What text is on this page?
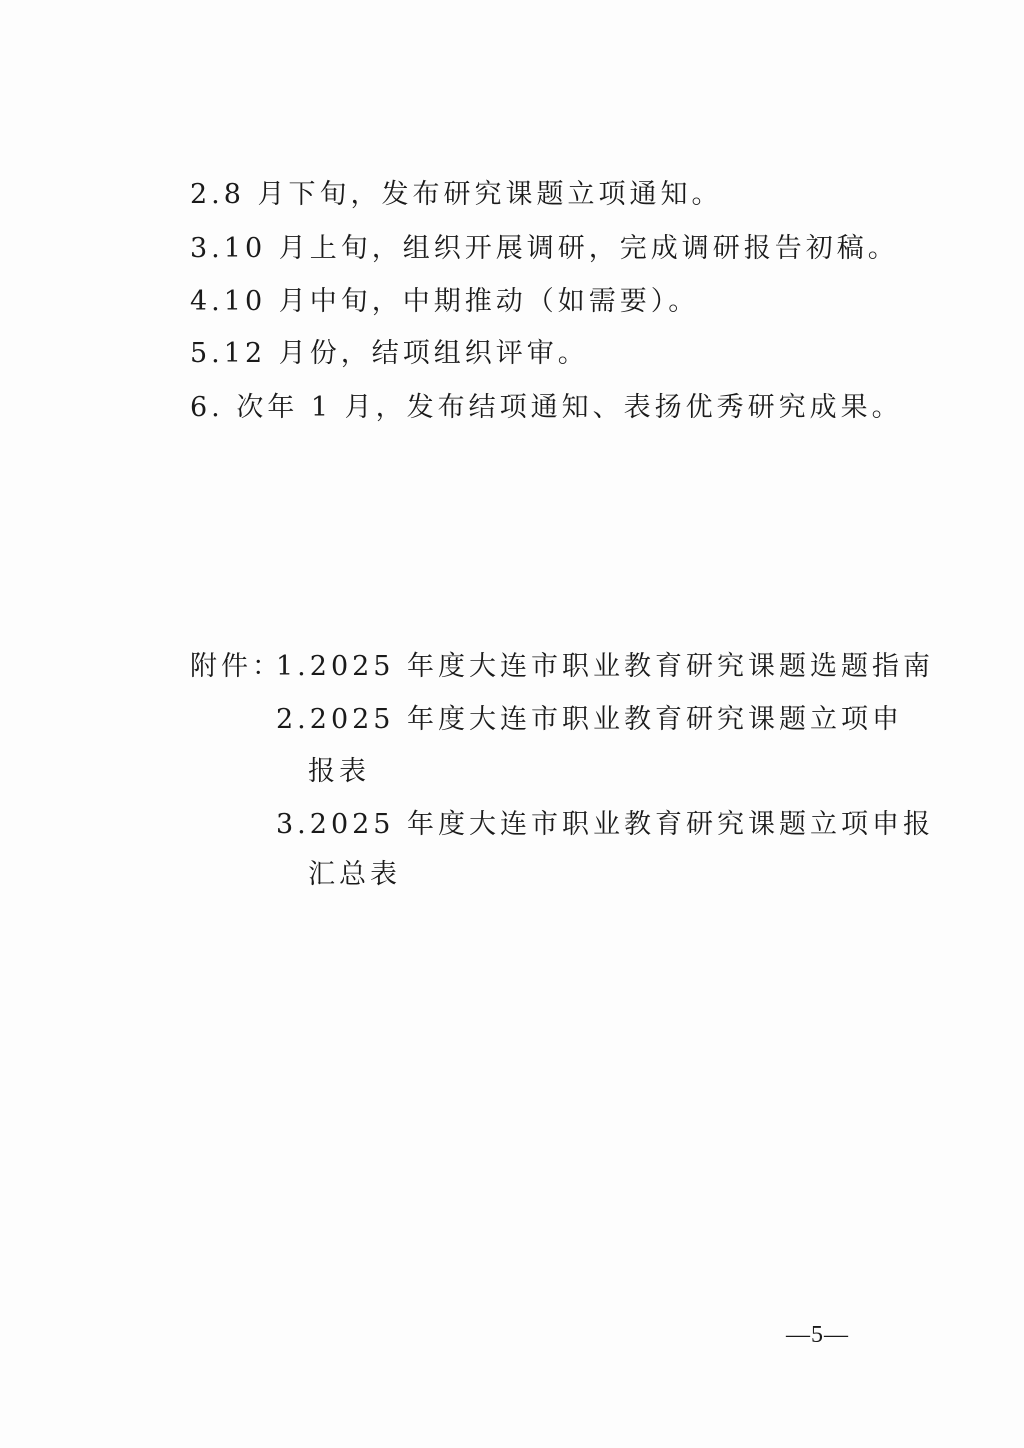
2.8 月下旬，发布研究课题立项通知。
3.10 月上旬，组织开展调研，完成调研报告初稿。
4.10 月中旬，中期推动（如需要）。
5.12 月份，结项组织评审。
6. 次年 1 月，发布结项通知、表扬优秀研究成果。
附件：
1.2025 年度大连市职业教育研究课题选题指南
2.2025 年度大连市职业教育研究课题立项申
报表
3.2025 年度大连市职业教育研究课题立项申报
汇总表
—5—
